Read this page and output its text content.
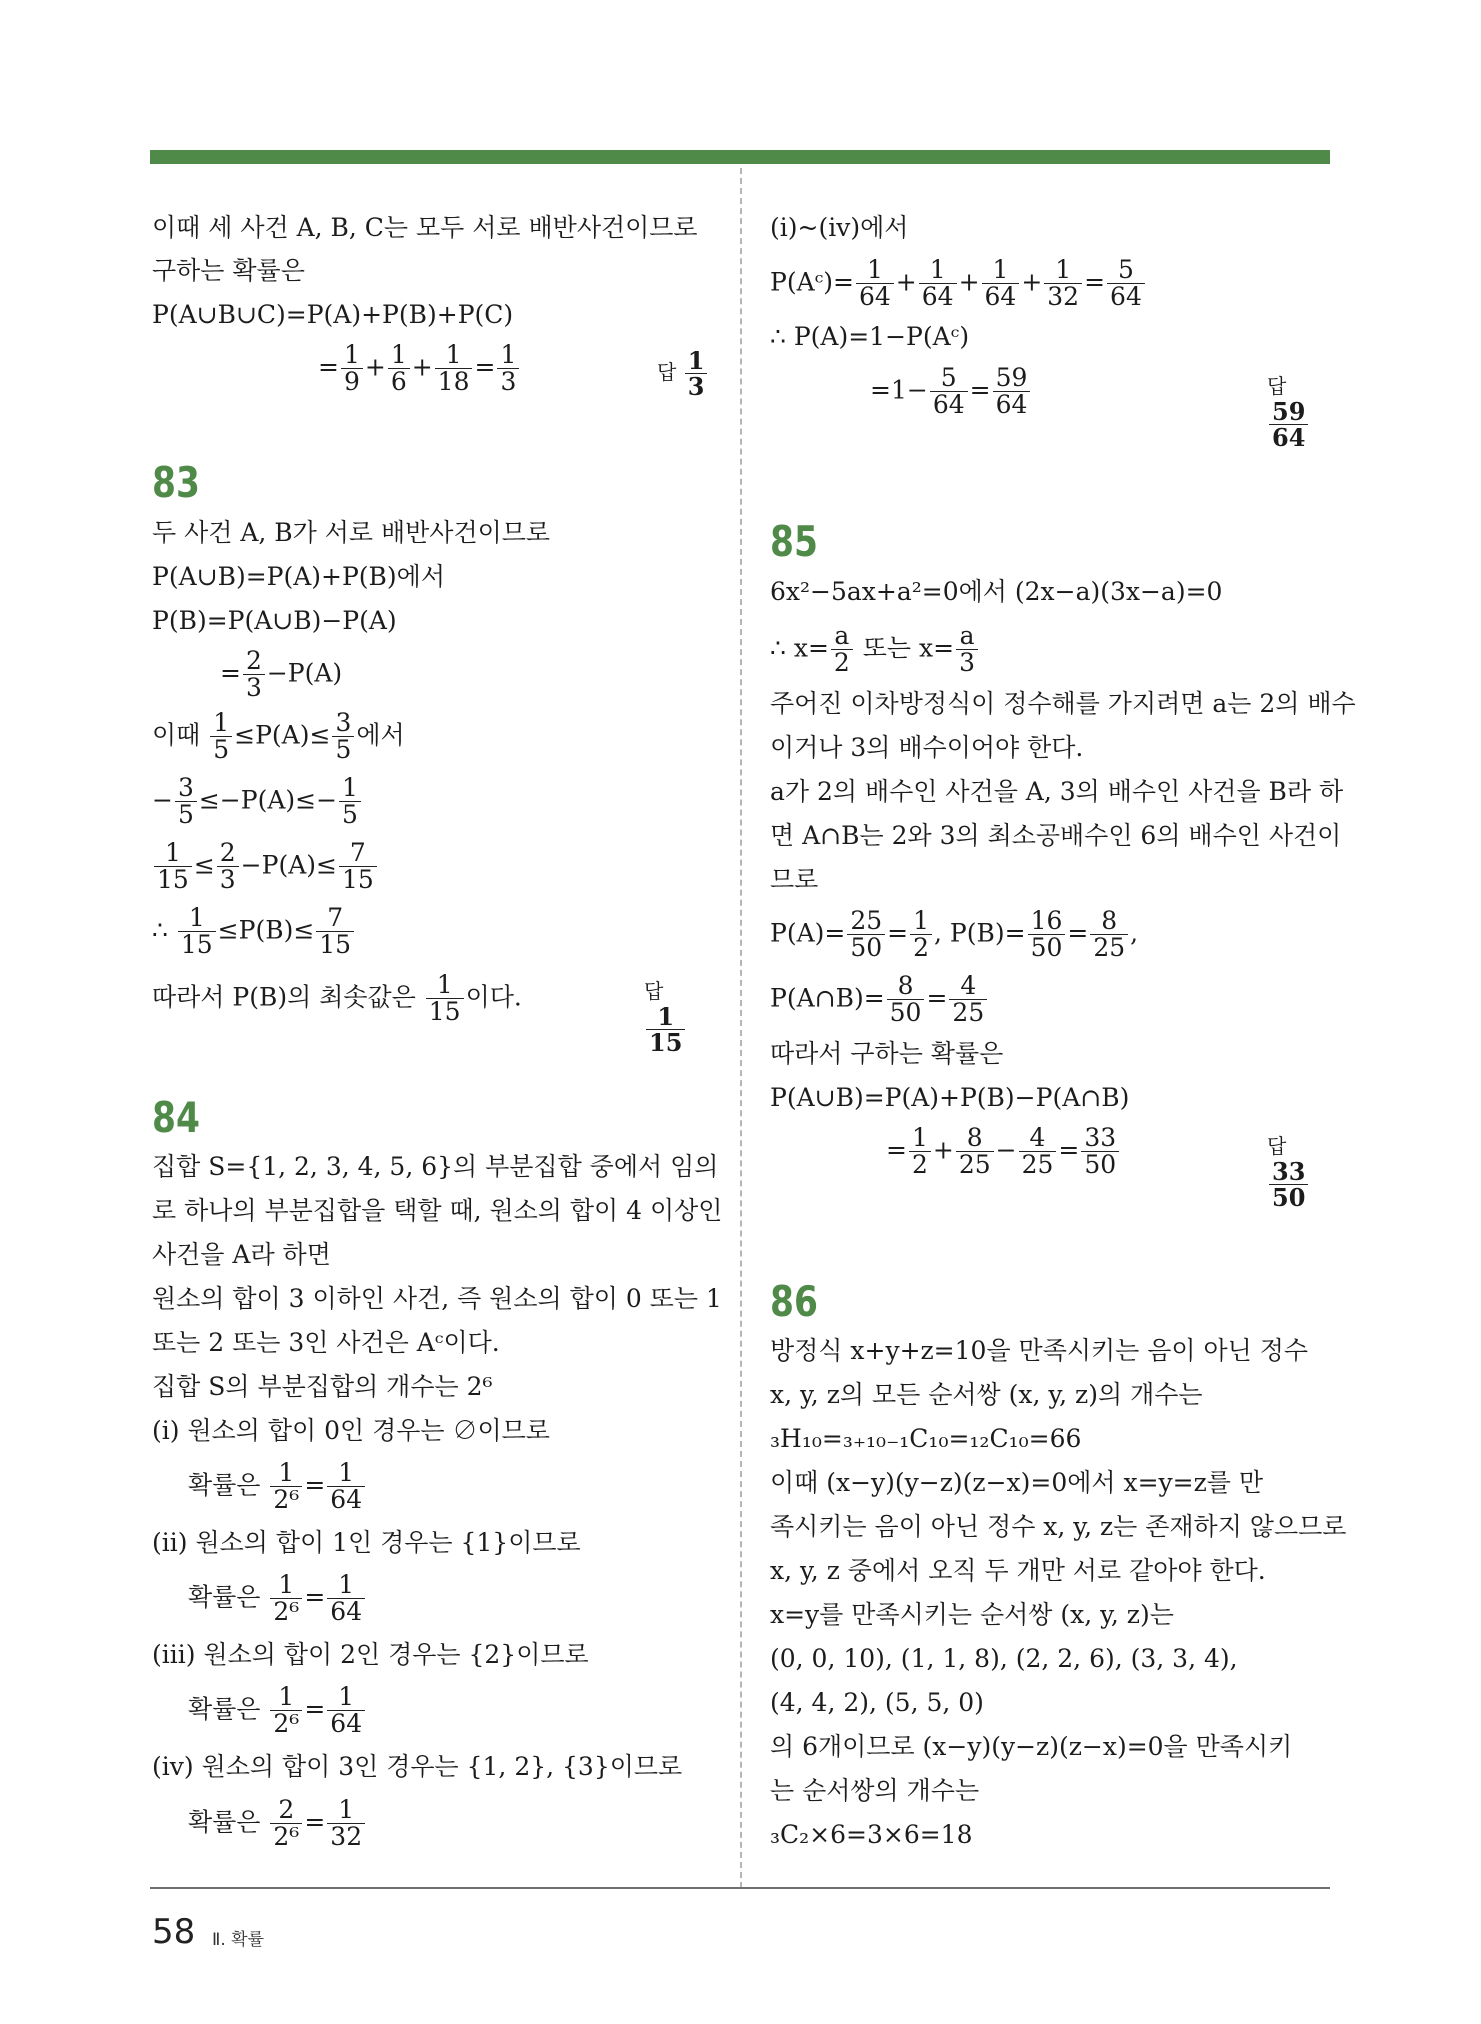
이때 세 사건 A, B, C는 모두 서로 배반사건이므로
구하는 확률은
P(A∪B∪C)=P(A)+P(B)+P(C)
= $\frac{1}{9} + \frac{1}{6} + \frac{1}{18} = \frac{1}{3}$	답 $\frac{1}{3}$
83
두 사건 A, B가 서로 배반사건이므로
P(A∪B)=P(A)+P(B)에서
P(B)=P(A∪B)−P(A)
= $\frac{2}{3} -P(A)$
이때 $\frac{1}{5} \le P(A)\le \frac{3}{5}$ 에서
− $\frac{3}{5} \le-P(A)\le- \frac{1}{5}$
$\frac{1}{15} \le \frac{2}{3} -P(A)\le \frac{7}{15}$
∴ $\frac{1}{15} \le P(B)\le \frac{7}{15}$
따라서 P(B)의 최솟값은 $\frac{1}{15}$ 이다.	답
$\frac{1}{15}$
84
집합 S={1, 2, 3, 4, 5, 6}의 부분집합 중에서 임의
로 하나의 부분집합을 택할 때, 원소의 합이 4 이상인
사건을 A라 하면
원소의 합이 3 이하인 사건, 즉 원소의 합이 0 또는 1
또는 2 또는 3인 사건은 Aᶜ이다.
집합 S의 부분집합의 개수는 2⁶
(ⅰ) 원소의 합이 0인 경우는 ∅이므로
확률은 $\frac{1}{\text{2⁶}} = \frac{1}{64}$
(ⅱ) 원소의 합이 1인 경우는 {1}이므로
확률은 $\frac{1}{\text{2⁶}} = \frac{1}{64}$
(ⅲ) 원소의 합이 2인 경우는 {2}이므로
확률은 $\frac{1}{\text{2⁶}} = \frac{1}{64}$
(ⅳ) 원소의 합이 3인 경우는 {1, 2}, {3}이므로
확률은 $\frac{2}{\text{2⁶}} = \frac{1}{32}$
(ⅰ)~(ⅳ)에서
P(Aᶜ)= $\frac{1}{64} + \frac{1}{64} + \frac{1}{64} + \frac{1}{32} = \frac{5}{64}$
∴ P(A)=1−P(Aᶜ)
$=1- \frac{5}{64} = \frac{59}{64}$	답
$\frac{59}{64}$
85
6x²−5ax+a²=0에서 (2x−a)(3x−a)=0
∴ $x= \frac{a}{2}$ 또는 $x= \frac{a}{3}$
주어진 이차방정식이 정수해를 가지려면 a는 2의 배수
이거나 3의 배수이어야 한다.
a가 2의 배수인 사건을 A, 3의 배수인 사건을 B라 하
면 A∩B는 2와 3의 최소공배수인 6의 배수인 사건이
므로
$P(A)= \frac{25}{50} = \frac{1}{2}$ , $P(B)= \frac{16}{50} = \frac{8}{25}$ ,
P(A∩B)= $\frac{8}{50} = \frac{4}{25}$
따라서 구하는 확률은
P(A∪B)=P(A)+P(B)−P(A∩B)
= $\frac{1}{2} + \frac{8}{25} - \frac{4}{25} = \frac{33}{50}$	답
$\frac{33}{50}$
86
방정식 x+y+z=10을 만족시키는 음이 아닌 정수
x, y, z의 모든 순서쌍 (x, y, z)의 개수는
₃H₁₀=₃₊₁₀₋₁C₁₀=₁₂C₁₀=66
이때 (x−y)(y−z)(z−x)=0에서 x=y=z를 만
족시키는 음이 아닌 정수 x, y, z는 존재하지 않으므로
x, y, z 중에서 오직 두 개만 서로 같아야 한다.
x=y를 만족시키는 순서쌍 (x, y, z)는
(0, 0, 10), (1, 1, 8), (2, 2, 6), (3, 3, 4),
(4, 4, 2), (5, 5, 0)
의 6개이므로 (x−y)(y−z)(z−x)=0을 만족시키
는 순서쌍의 개수는
₃C₂×6=3×6=18
58 Ⅱ. 확률
